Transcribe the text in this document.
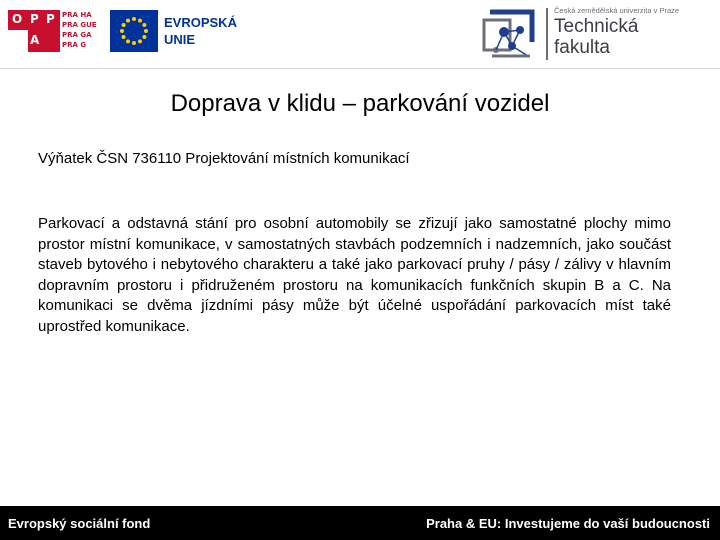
O P P
A
PRA HA
PRA GUE
PRA GA
PRA G
EVROPSKÁ
UNIE
Česká zemědělská univerzita v Praze
Technická
fakulta
Doprava v klidu – parkování vozidel
Výňatek ČSN 736110 Projektování místních komunikací
Parkovací a odstavná stání pro osobní automobily se zřizují jako samostatné plochy mimo prostor místní komunikace, v samostatných stavbách podzemních i nadzemních, jako součást staveb bytového i nebytového charakteru a také jako parkovací pruhy / pásy / zálivy v hlavním dopravním prostoru i přidruženém prostoru na komunikacích funkčních skupin B a C. Na komunikaci se dvěma jízdními pásy může být účelné uspořádání parkovacích míst také uprostřed komunikace.
Evropský sociální fond	Praha & EU: Investujeme do vaší budoucnosti
